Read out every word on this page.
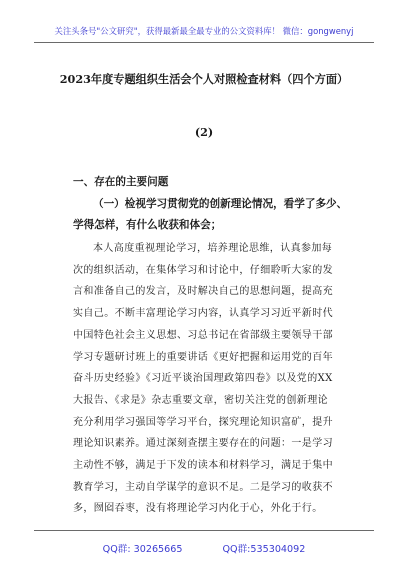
关注头条号"公文研究"，获得最新最全最专业的公文资料库！ 微信：gongwenyj
2023年度专题组织生活会个人对照检查材料（四个方面）
(2)
一、存在的主要问题
（一）检视学习贯彻党的创新理论情况，看学了多少、
学得怎样，有什么收获和体会；
本人高度重视理论学习，培养理论思维，认真参加每
次的组织活动，在集体学习和讨论中，仔细聆听大家的发
言和准备自己的发言，及时解决自己的思想问题，提高充
实自己。不断丰富理论学习内容，认真学习习近平新时代
中国特色社会主义思想、习总书记在省部级主要领导干部
学习专题研讨班上的重要讲话《更好把握和运用党的百年
奋斗历史经验》《习近平谈治国理政第四卷》以及党的XX
大报告、《求是》杂志重要文章，密切关注党的创新理论
充分利用学习强国等学习平台，探究理论知识富矿，提升
理论知识素养。通过深刻查摆主要存在的问题：一是学习
主动性不够，满足于下发的读本和材料学习，满足于集中
教育学习，主动自学谋学的意识不足。二是学习的收获不
多，囫囵吞枣，没有将理论学习内化于心，外化于行。
QQ群: 30265665	QQ群:535304092
